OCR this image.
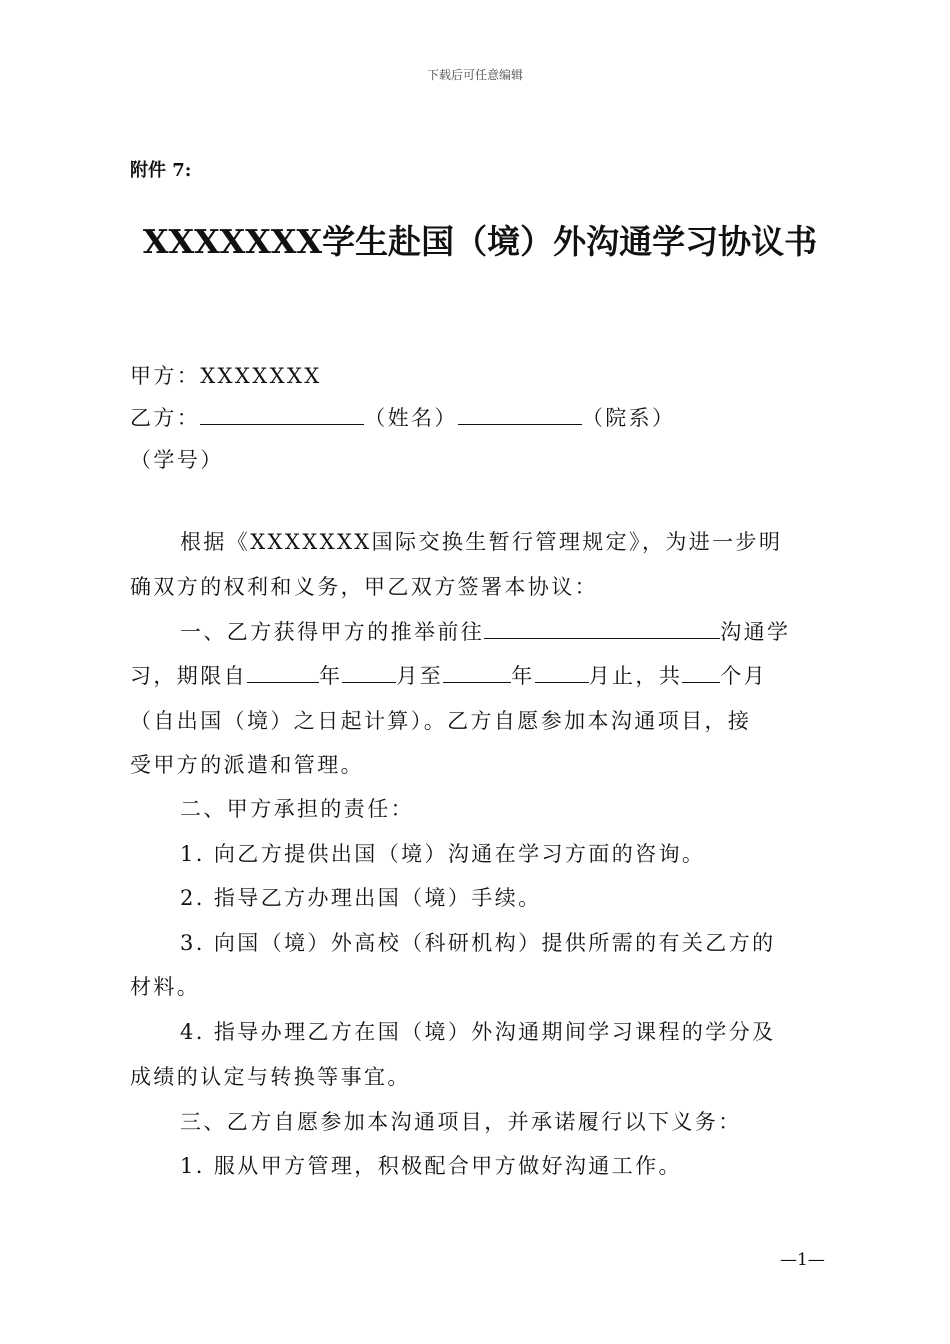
下载后可任意编辑
附件 7:
XXXXXXX学生赴国（境）外沟通学习协议书
甲方：XXXXXXX
乙方：	（姓名）	（院系）
（学号）
根据《XXXXXXX国际交换生暂行管理规定》，为进一步明
确双方的权利和义务，甲乙双方签署本协议：
一、乙方获得甲方的推举前往	沟通学
习，期限自	年	月至	年	月止，共 个月
（自出国（境）之日起计算）。乙方自愿参加本沟通项目，接
受甲方的派遣和管理。
二、甲方承担的责任：
1. 向乙方提供出国（境）沟通在学习方面的咨询。
2. 指导乙方办理出国（境）手续。
3. 向国（境）外高校（科研机构）提供所需的有关乙方的
材料。
4. 指导办理乙方在国（境）外沟通期间学习课程的学分及
成绩的认定与转换等事宜。
三、乙方自愿参加本沟通项目，并承诺履行以下义务：
1. 服从甲方管理，积极配合甲方做好沟通工作。
—1—
